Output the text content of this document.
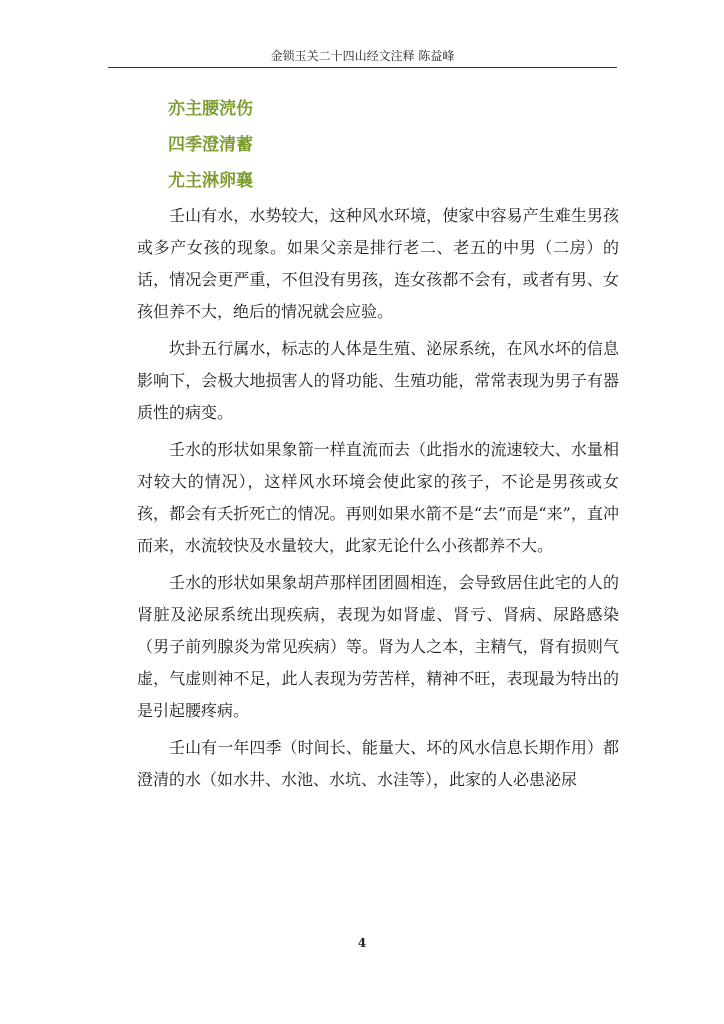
金锁玉关二十四山经文注释 陈益峰
亦主腰涜伤
四季澄清蓄
尤主淋卵襄

壬山有水，水势较大，这种风水环境，使家中容易产生难生男孩或多产女孩的现象。如果父亲是排行老二、老五的中男（二房）的话，情况会更严重，不但没有男孩，连女孩都不会有，或者有男、女孩但养不大，绝后的情况就会应验。

坎卦五行属水，标志的人体是生殖、泌尿系统，在风水坏的信息影响下，会极大地损害人的肾功能、生殖功能，常常表现为男子有器质性的病变。

壬水的形状如果象箭一样直流而去（此指水的流速较大、水量相对较大的情况），这样风水环境会使此家的孩子，不论是男孩或女孩，都会有夭折死亡的情况。再则如果水箭不是“去”而是“来”，直冲而来，水流较快及水量较大，此家无论什么小孩都养不大。

壬水的形状如果象胡芦那样团团圆相连，会导致居住此宅的人的肾脏及泌尿系统出现疾病，表现为如肾虚、肾亏、肾病、尿路感染（男子前列腺炎为常见疾病）等。肾为人之本，主精气，肾有损则气虚，气虚则神不足，此人表现为劳苦样，精神不旺，表现最为特出的是引起腰疼病。

壬山有一年四季（时间长、能量大、坏的风水信息长期作用）都澄清的水（如水井、水池、水坑、水洼等），此家的人必患泌尿

4
